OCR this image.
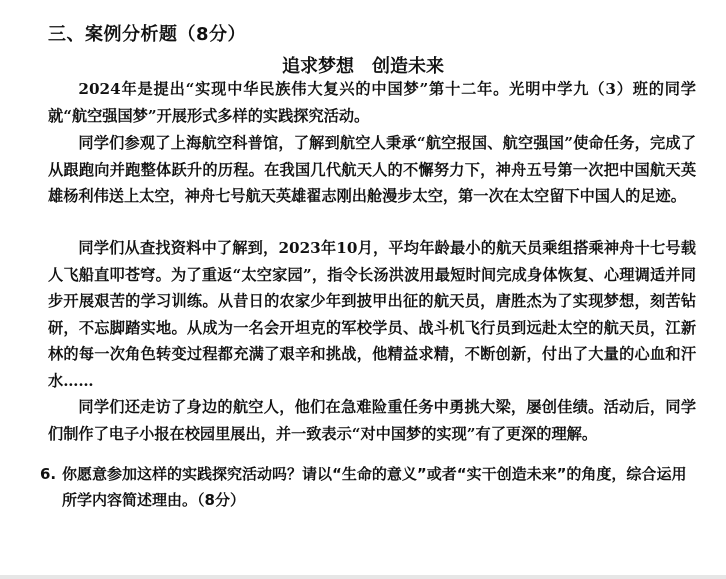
三、案例分析题（8分）
追求梦想　创造未来

2024年是提出“实现中华民族伟大复兴的中国梦”第十二年。光明中学九（3）班的同学就“航空强国梦”开展形式多样的实践探究活动。

同学们参观了上海航空科普馆，了解到航空人秉承“航空报国、航空强国”使命任务，完成了从跟跑向并跑整体跃升的历程。在我国几代航天人的不懈努力下，神舟五号第一次把中国航天英雄杨利伟送上太空，神舟七号航天英雄翟志刚出舱漫步太空，第一次在太空留下中国人的足迹。

同学们从查找资料中了解到，2023年10月，平均年龄最小的航天员乘组搭乘神舟十七号载人飞船直叩苍穹。为了重返“太空家园”，指令长汤洪波用最短时间完成身体恢复、心理调适并同步开展艰苦的学习训练。从昔日的农家少年到披甲出征的航天员，唐胜杰为了实现梦想，刻苦钻研，不忘脚踏实地。从成为一名会开坦克的军校学员、战斗机飞行员到远赴太空的航天员，江新林的每一次角色转变过程都充满了艰辛和挑战，他精益求精，不断创新，付出了大量的心血和汗水……

同学们还走访了身边的航空人，他们在急难险重任务中勇挑大梁，屡创佳绩。活动后，同学们制作了电子小报在校园里展出，并一致表示“对中国梦的实现”有了更深的理解。

6. 你愿意参加这样的实践探究活动吗？请以“生命的意义”或者“实干创造未来”的角度，综合运用所学内容简述理由。（8分）
